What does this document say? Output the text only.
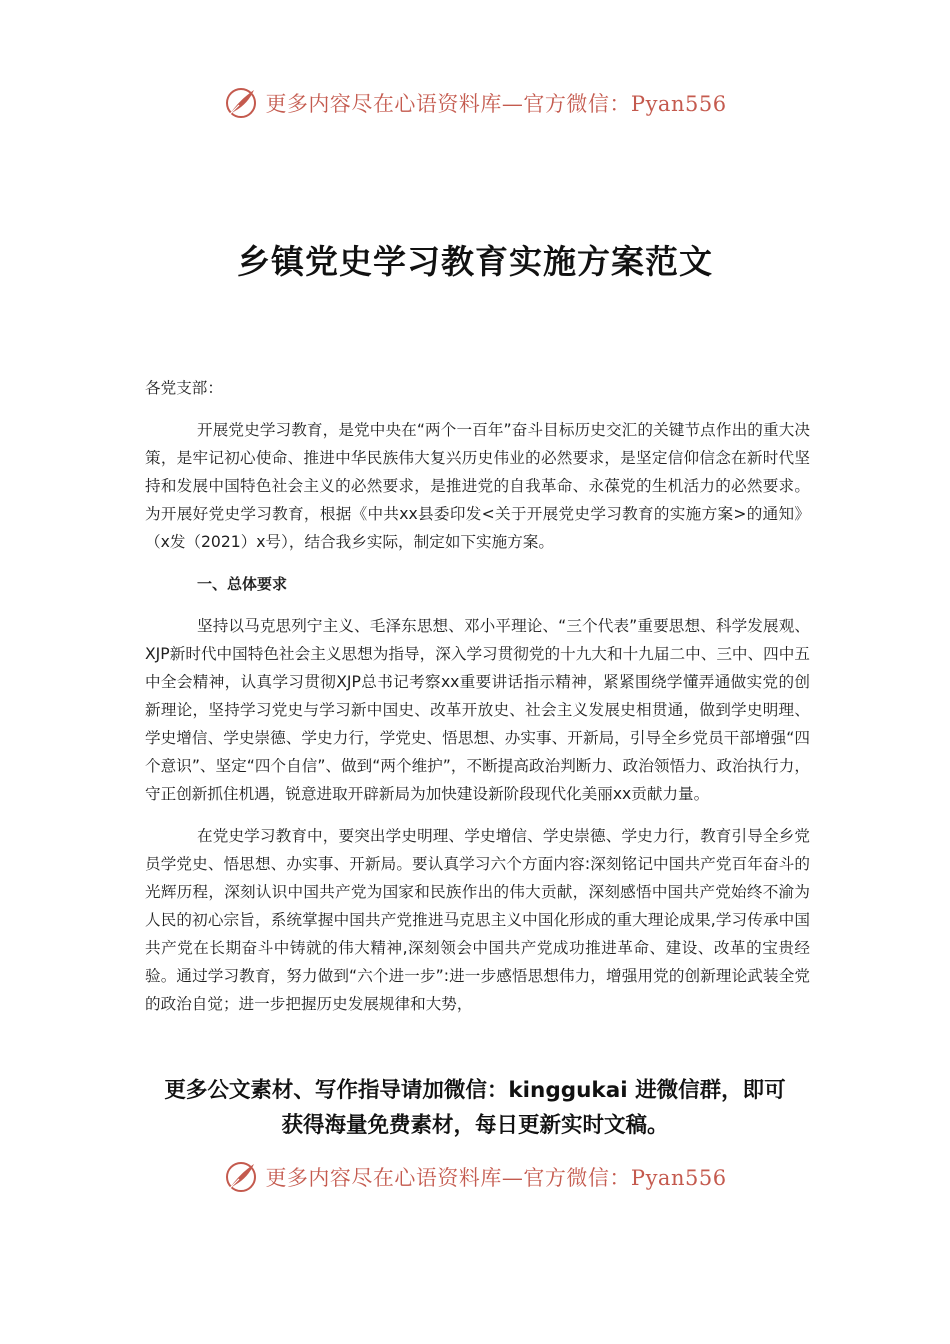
更多内容尽在心语资料库—官方微信：Pyan556
乡镇党史学习教育实施方案范文

各党支部：

开展党史学习教育，是党中央在“两个一百年”奋斗目标历史交汇的关键节点作出的重大决策，是牢记初心使命、推进中华民族伟大复兴历史伟业的必然要求，是坚定信仰信念在新时代坚持和发展中国特色社会主义的必然要求，是推进党的自我革命、永葆党的生机活力的必然要求。为开展好党史学习教育，根据《中共xx县委印发<关于开展党史学习教育的实施方案>的通知》（x发（2021）x号），结合我乡实际，制定如下实施方案。

一、总体要求

坚持以马克思列宁主义、毛泽东思想、邓小平理论、“三个代表”重要思想、科学发展观、XJP新时代中国特色社会主义思想为指导，深入学习贯彻党的十九大和十九届二中、三中、四中五中全会精神，认真学习贯彻XJP总书记考察xx重要讲话指示精神，紧紧围绕学懂弄通做实党的创新理论，坚持学习党史与学习新中国史、改革开放史、社会主义发展史相贯通，做到学史明理、学史增信、学史崇德、学史力行，学党史、悟思想、办实事、开新局，引导全乡党员干部增强“四个意识”、坚定“四个自信”、做到“两个维护”，不断提高政治判断力、政治领悟力、政治执行力，守正创新抓住机遇，锐意进取开辟新局为加快建设新阶段现代化美丽xx贡献力量。

在党史学习教育中，要突出学史明理、学史增信、学史崇德、学史力行，教育引导全乡党员学党史、悟思想、办实事、开新局。要认真学习六个方面内容:深刻铭记中国共产党百年奋斗的光辉历程，深刻认识中国共产党为国家和民族作出的伟大贡献，深刻感悟中国共产党始终不渝为人民的初心宗旨，系统掌握中国共产党推进马克思主义中国化形成的重大理论成果,学习传承中国共产党在长期奋斗中铸就的伟大精神,深刻领会中国共产党成功推进革命、建设、改革的宝贵经验。通过学习教育，努力做到“六个进一步”:进一步感悟思想伟力，增强用党的创新理论武装全党的政治自觉；进一步把握历史发展规律和大势，

更多公文素材、写作指导请加微信：kinggukai 进微信群，即可

获得海量免费素材，每日更新实时文稿。

更多内容尽在心语资料库—官方微信：Pyan556
